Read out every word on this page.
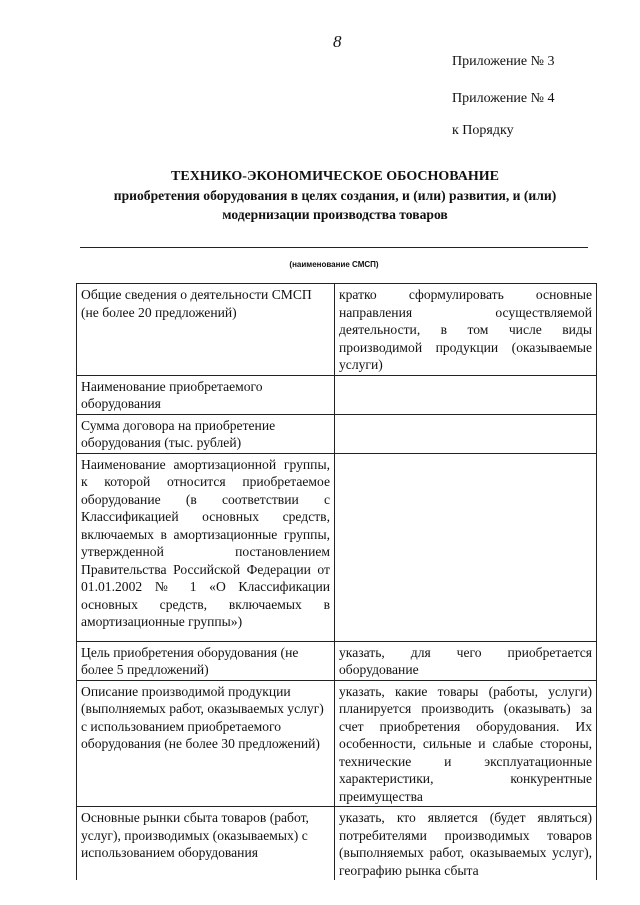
8
Приложение № 3
Приложение № 4
к Порядку
ТЕХНИКО-ЭКОНОМИЧЕСКОЕ ОБОСНОВАНИЕ
приобретения оборудования в целях создания, и (или) развития, и (или)
модернизации производства товаров
(наименование СМСП)
Общие сведения о деятельности СМСП (не более 20 предложений)	кратко сформулировать основные направления осуществляемой деятельности, в том числе виды производимой продукции (оказываемые услуги)
Наименование приобретаемого оборудования	
Сумма договора на приобретение оборудования (тыс. рублей)	
Наименование амортизационной группы, к которой относится приобретаемое оборудование (в соответствии с Классификацией основных средств, включаемых в амортизационные группы, утвержденной постановлением Правительства Российской Федерации от 01.01.2002 № 1 «О Классификации основных средств, включаемых в амортизационные группы»)	
Цель приобретения оборудования (не более 5 предложений)	указать, для чего приобретается оборудование
Описание производимой продукции (выполняемых работ, оказываемых услуг) с использованием приобретаемого оборудования (не более 30 предложений)	указать, какие товары (работы, услуги) планируется производить (оказывать) за счет приобретения оборудования. Их особенности, сильные и слабые стороны, технические и эксплуатационные характеристики, конкурентные преимущества
Основные рынки сбыта товаров (работ, услуг), производимых (оказываемых) с использованием оборудования	указать, кто является (будет являться) потребителями производимых товаров (выполняемых работ, оказываемых услуг), географию рынка сбыта
